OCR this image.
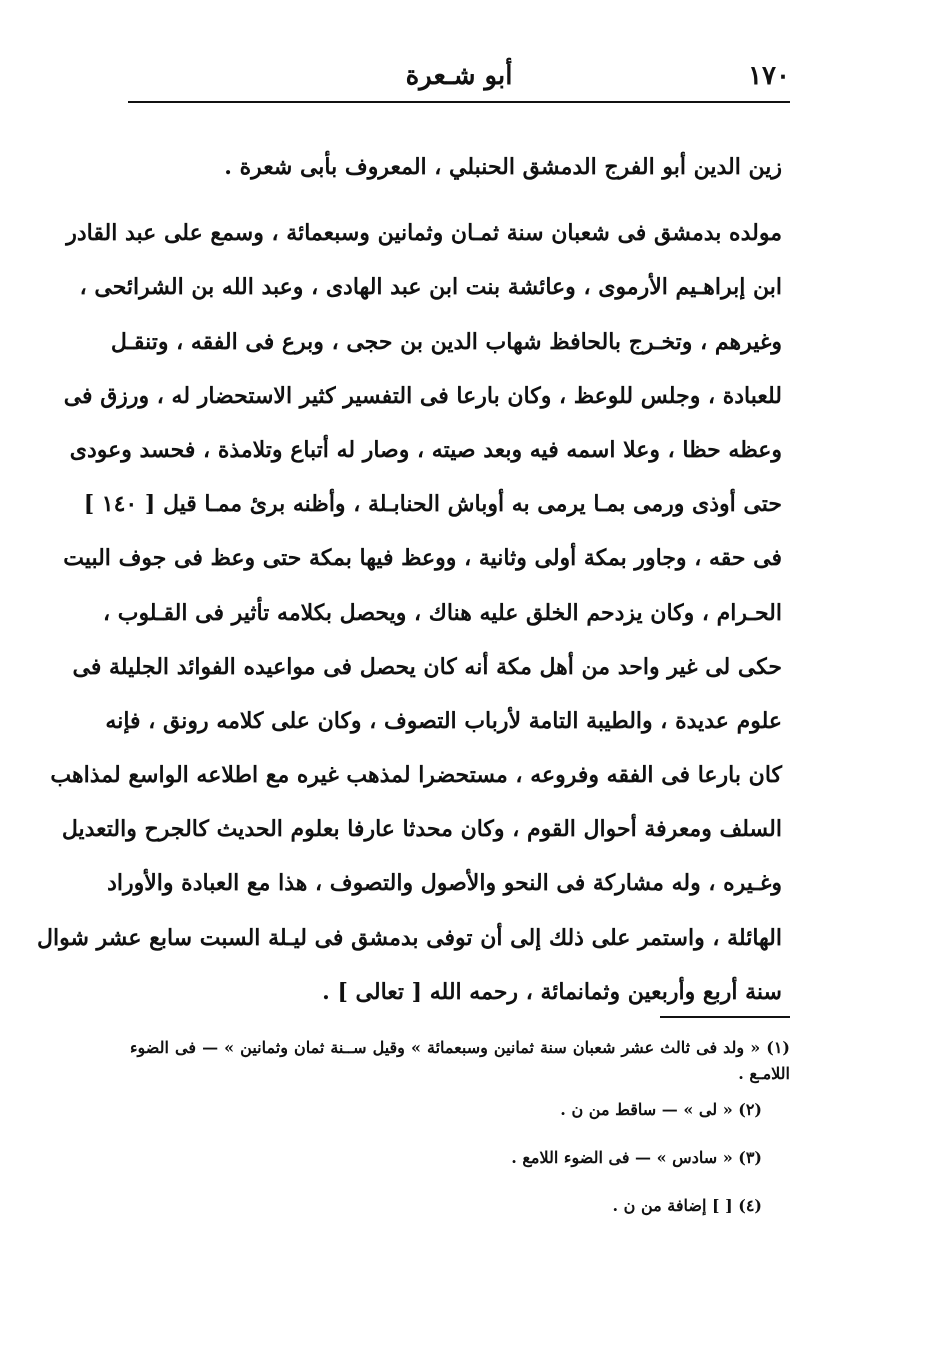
١٧٠
أبو شـعرة
زين الدين أبو الفرج الدمشق الحنبلي ، المعروف بأبى شعرة .
مولده بدمشق فى شعبان سنة ثمـان وثمانين وسبعمائة ، وسمع على عبد القادر
ابن إبراهـيم الأرموى ، وعائشة بنت ابن عبد الهادى ، وعبد الله بن الشرائحى ،
وغيرهم ، وتخـرج بالحافظ شهاب الدين بن حجى ، وبرع فى الفقه ، وتنقـل
للعبادة ، وجلس للوعظ ، وكان بارعا فى التفسير كثير الاستحضار له ، ورزق فى
وعظه حظا ، وعلا اسمه فيه وبعد صيته ، وصار له أتباع وتلامذة ، فحسد وعودى
حتى أوذى ورمى بمـا يرمى به أوباش الحنابـلة ، وأظنه برئ ممـا قيل [ ١٤٠ ]
فى حقه ، وجاور بمكة أولى وثانية ، ووعظ فيها بمكة حتى وعظ فى جوف البيت
الحـرام ، وكان يزدحم الخلق عليه هناك ، ويحصل بكلامه تأثير فى القـلوب ،
حكى لى غير واحد من أهل مكة أنه كان يحصل فى مواعيده الفوائد الجليلة فى
علوم عديدة ، والطيبة التامة لأرباب التصوف ، وكان على كلامه رونق ، فإنه
كان بارعا فى الفقه وفروعه ، مستحضرا لمذهب غيره مع اطلاعه الواسع لمذاهب
السلف ومعرفة أحوال القوم ، وكان محدثا عارفا بعلوم الحديث كالجرح والتعديل
وغـيره ، وله مشاركة فى النحو والأصول والتصوف ، هذا مع العبادة والأوراد
الهائلة ، واستمر على ذلك إلى أن توفى بدمشق فى ليـلة السبت سابع عشر شوال
سنة أربع وأربعين وثمانمائة ، رحمه الله [ تعالى ] .

(١) « ولد فى ثالث عشر شعبان سنة ثمانين وسبعمائة » وقيل ســنة ثمان وثمانين » — فى الضوء اللامـع .

(٢) « لى » — ساقط من ن .

(٣) « سادس » — فى الضوء اللامع .

(٤) [ ] إضافة من ن .
